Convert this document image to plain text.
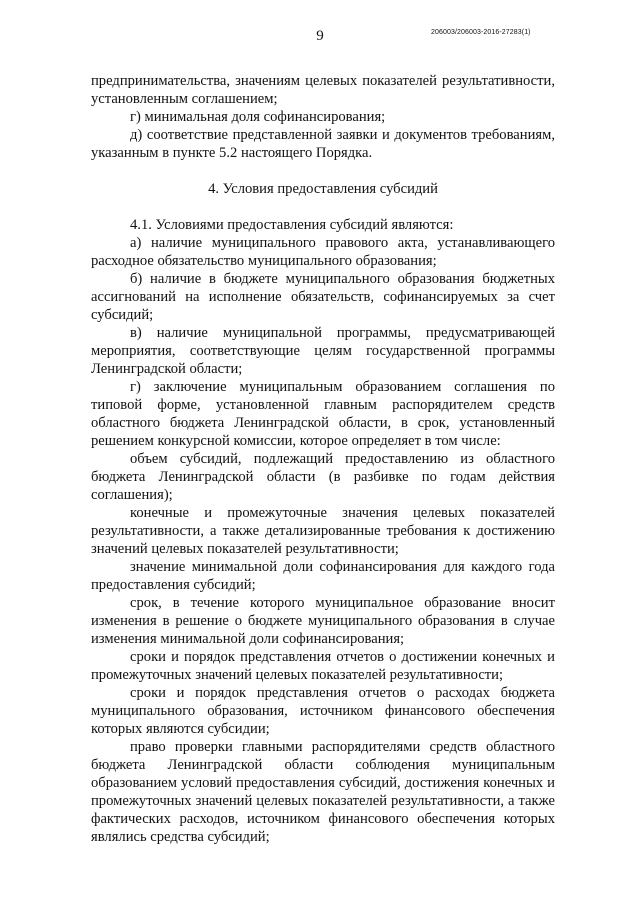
9	206003/206003-2016-27283(1)

предпринимательства, значениям целевых показателей результативности, установленным соглашением;

г) минимальная доля софинансирования;

д) соответствие представленной заявки и документов требованиям, указанным в пункте 5.2 настоящего Порядка.

4. Условия предоставления субсидий

4.1. Условиями предоставления субсидий являются:

а) наличие муниципального правового акта, устанавливающего расходное обязательство муниципального образования;

б) наличие в бюджете муниципального образования бюджетных ассигнований на исполнение обязательств, софинансируемых за счет субсидий;

в) наличие муниципальной программы, предусматривающей мероприятия, соответствующие целям государственной программы Ленинградской области;

г) заключение муниципальным образованием соглашения по типовой форме, установленной главным распорядителем средств областного бюджета Ленинградской области, в срок, установленный решением конкурсной комиссии, которое определяет в том числе:

объем субсидий, подлежащий предоставлению из областного бюджета Ленинградской области (в разбивке по годам действия соглашения);

конечные и промежуточные значения целевых показателей результативности, а также детализированные требования к достижению значений целевых показателей результативности;

значение минимальной доли софинансирования для каждого года предоставления субсидий;

срок, в течение которого муниципальное образование вносит изменения в решение о бюджете муниципального образования в случае изменения минимальной доли софинансирования;

сроки и порядок представления отчетов о достижении конечных и промежуточных значений целевых показателей результативности;

сроки и порядок представления отчетов о расходах бюджета муниципального образования, источником финансового обеспечения которых являются субсидии;

право проверки главными распорядителями средств областного бюджета Ленинградской области соблюдения муниципальным образованием условий предоставления субсидий, достижения конечных и промежуточных значений целевых показателей результативности, а также фактических расходов, источником финансового обеспечения которых являлись средства субсидий;
